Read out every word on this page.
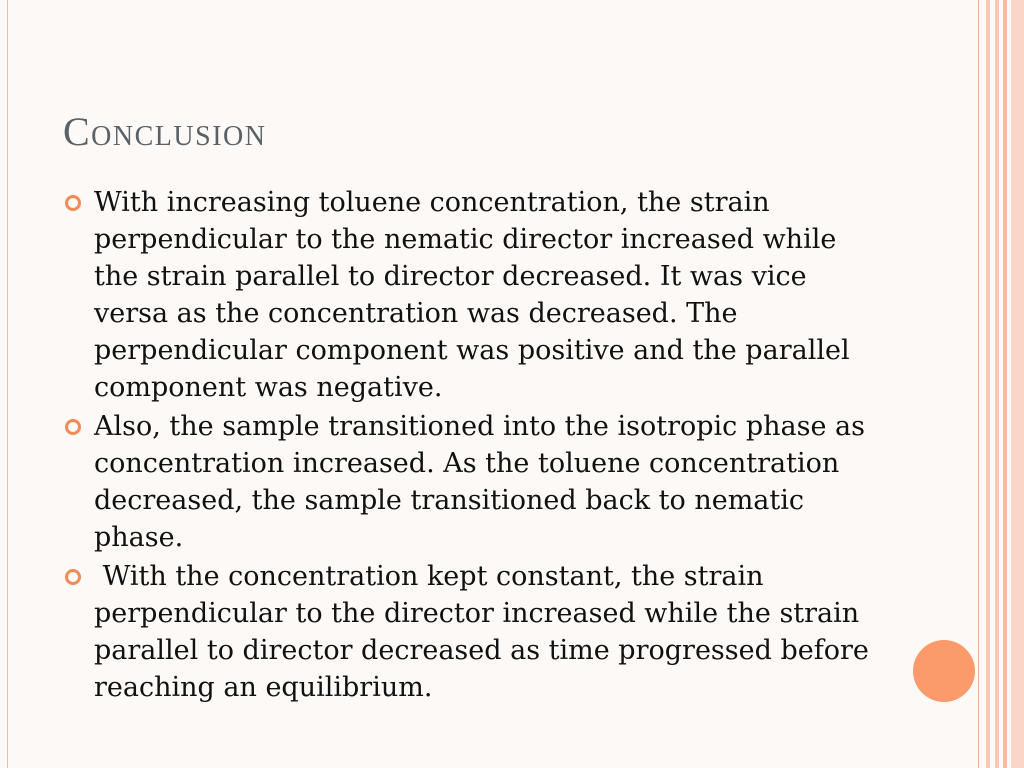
Conclusion
With increasing toluene concentration, the strain perpendicular to the nematic director increased while the strain parallel to director decreased. It was vice versa as the concentration was decreased. The perpendicular component was positive and the parallel component was negative.
Also, the sample transitioned into the isotropic phase as concentration increased. As the toluene concentration decreased, the sample transitioned back to nematic phase.
With the concentration kept constant, the strain perpendicular to the director increased while the strain parallel to director decreased as time progressed before reaching an equilibrium.
